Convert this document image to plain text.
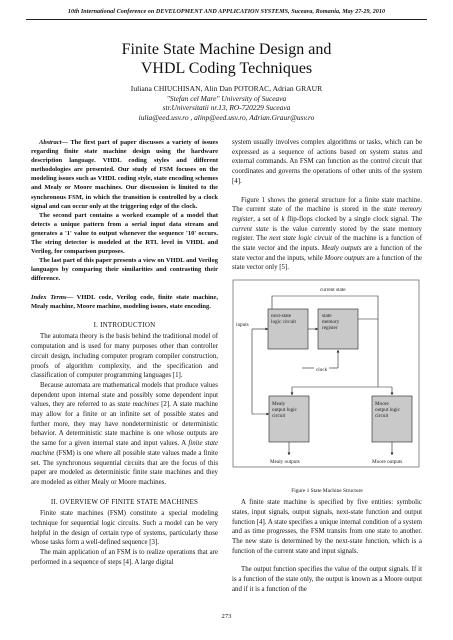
10th International Conference on DEVELOPMENT AND APPLICATION SYSTEMS, Suceava, Romania, May 27-29, 2010
Finite State Machine Design and
VHDL Coding Techniques
Iuliana CHIUCHISAN, Alin Dan POTORAC, Adrian GRAUR
"Stefan cel Mare" University of Suceava
str.Universitatii nr.13, RO-720229 Suceava
iulia@eed.usv.ro , alinp@eed.usv.ro, Adrian.Graur@usv.ro

Abstract— The first part of paper discusses a variety of issues regarding finite state machine design using the hardware description language. VHDL coding styles and different methodologies are presented. Our study of FSM focuses on the modeling issues such as VHDL coding style, state encoding schemes and Mealy or Moore machines. Our discussion is limited to the synchronous FSM, in which the transition is controlled by a clock signal and can occur only at the triggering edge of the clock.

The second part contains a worked example of a model that detects a unique pattern from a serial input data stream and generates a '1' value to output whenever the sequence '10' occurs. The string detector is modeled at the RTL level in VHDL and Verilog, for comparison purposes.

The last part of this paper presents a view on VHDL and Verilog languages by comparing their similarities and contrasting their difference.

Index Terms— VHDL code, Verilog code, finite state machine, Mealy machine, Moore machine, modeling issues, state encoding.
I. INTRODUCTION

The automata theory is the basis behind the traditional model of computation and is used for many purposes other than controller circuit design, including computer program compiler construction, proofs of algorithm complexity, and the specification and classification of computer programming languages [1].

Because automata are mathematical models that produce values dependent upon internal state and possibly some dependent input values, they are referred to as state machines [2]. A state machine may allow for a finite or an infinite set of possible states and further more, they may have nondeterministic or deterministic behavior. A deterministic state machine is one whose outputs are the same for a given internal state and input values. A finite state machine (FSM) is one where all possible state values made a finite set. The synchronous sequential circuits that are the focus of this paper are modeled as deterministic finite state machines and they are modeled as either Mealy or Moore machines.

II. OVERVIEW OF FINITE STATE MACHINES

Finite state machines (FSM) constitute a special modeling technique for sequential logic circuits. Such a model can be very helpful in the design of certain type of systems, particularly those whose tasks form a well-defined sequence [3].

The main application of an FSM is to realize operations that are performed in a sequence of steps [4]. A large digital

system usually involves complex algorithms or tasks, which can be expressed as a sequence of actions based on system status and external commands. An FSM can function as the control circuit that coordinates and governs the operations of other units of the system [4].

Figure 1 shows the general structure for a finite state machine. The current state of the machine is stored in the state memory register, a set of k flip-flops clocked by a single clock signal. The current state is the value currently stored by the state memory register. The next state logic circuit of the machine is a function of the state vector and the inputs. Mealy outputs are a function of the state vector and the inputs, while Moore outputs are a function of the state vector only [5].

current state
next-state
logic circuit
state
memory
register
inputs
clock
Mealy
output logic
circuit
Moore
output logic
circuit
Mealy outputs	Moore outputs
Figure 1 State Machine Structure

A finite state machine is specified by five entities: symbolic states, input signals, output signals, next-state function and output function [4]. A state specifies a unique internal condition of a system and as time progresses, the FSM transits from one state to another. The new state is determined by the next-state function, which is a function of the current state and input signals.

The output function specifies the value of the output signals. If it is a function of the state only, the output is known as a Moore output and if it is a function of the

273
